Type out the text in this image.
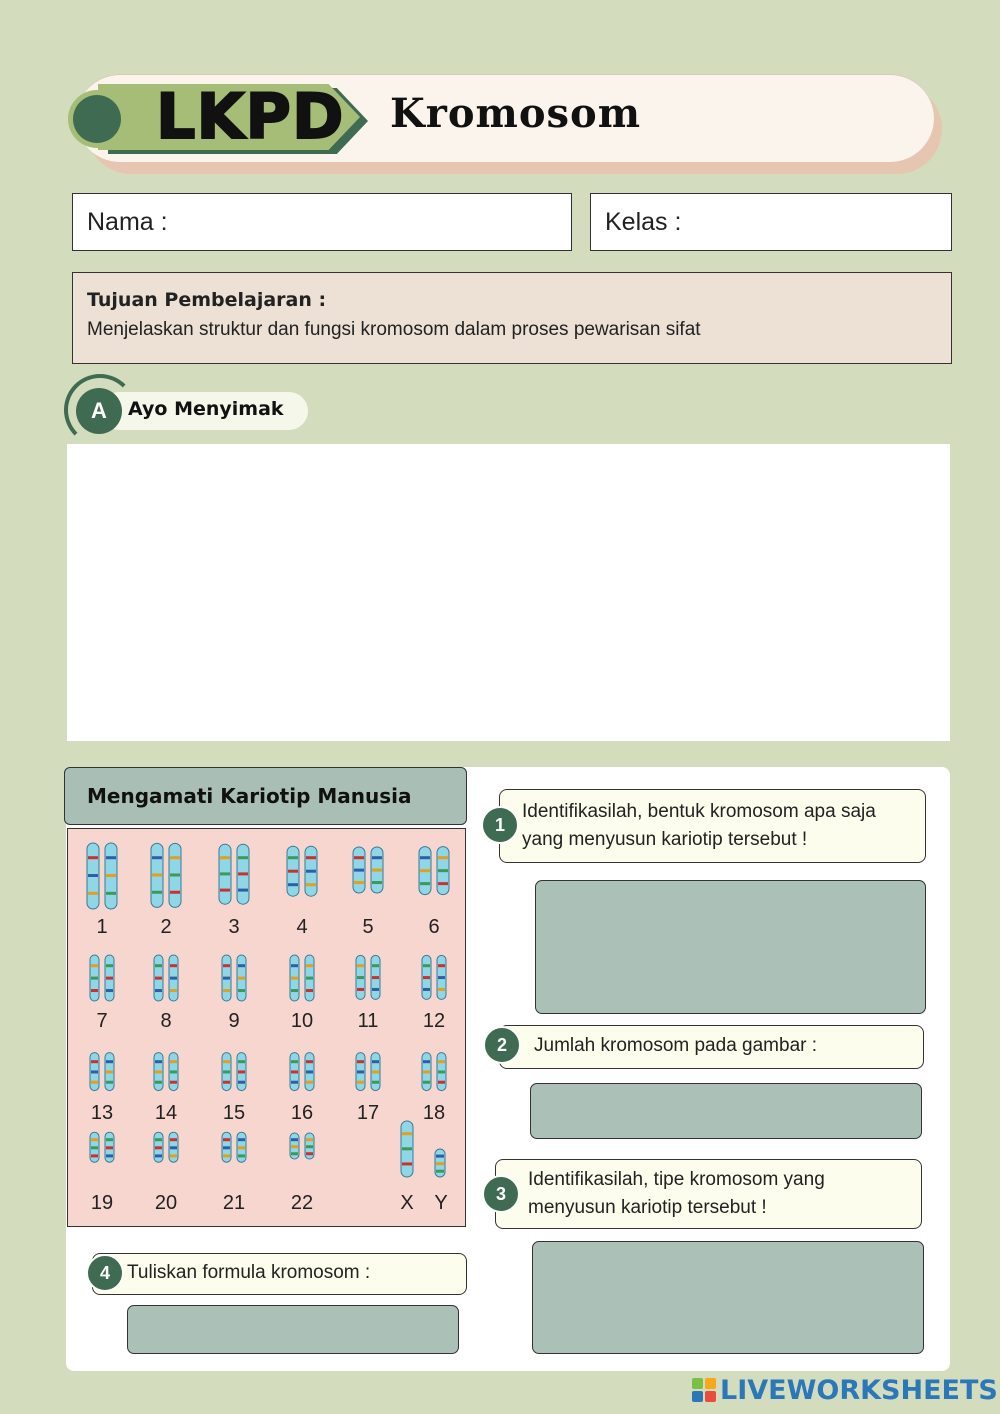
LKPD Kromosom
Nama :	Kelas :
Tujuan Pembelajaran :
Menjelaskan struktur dan fungsi kromosom dalam proses pewarisan sifat
A	Ayo Menyimak
Mengamati Kariotip Manusia
1	2	3	4	5	6
7	8	9	10 11 12
13 14 15 16 17 18
19 20 21 22	X Y
Identifikasilah, bentuk kromosom apa saja yang menyusun kariotip tersebut !
1
Jumlah kromosom pada gambar :
2
Identifikasilah, tipe kromosom yang menyusun kariotip tersebut !
3
Tuliskan formula kromosom :
4
LIVEWORKSHEETS
